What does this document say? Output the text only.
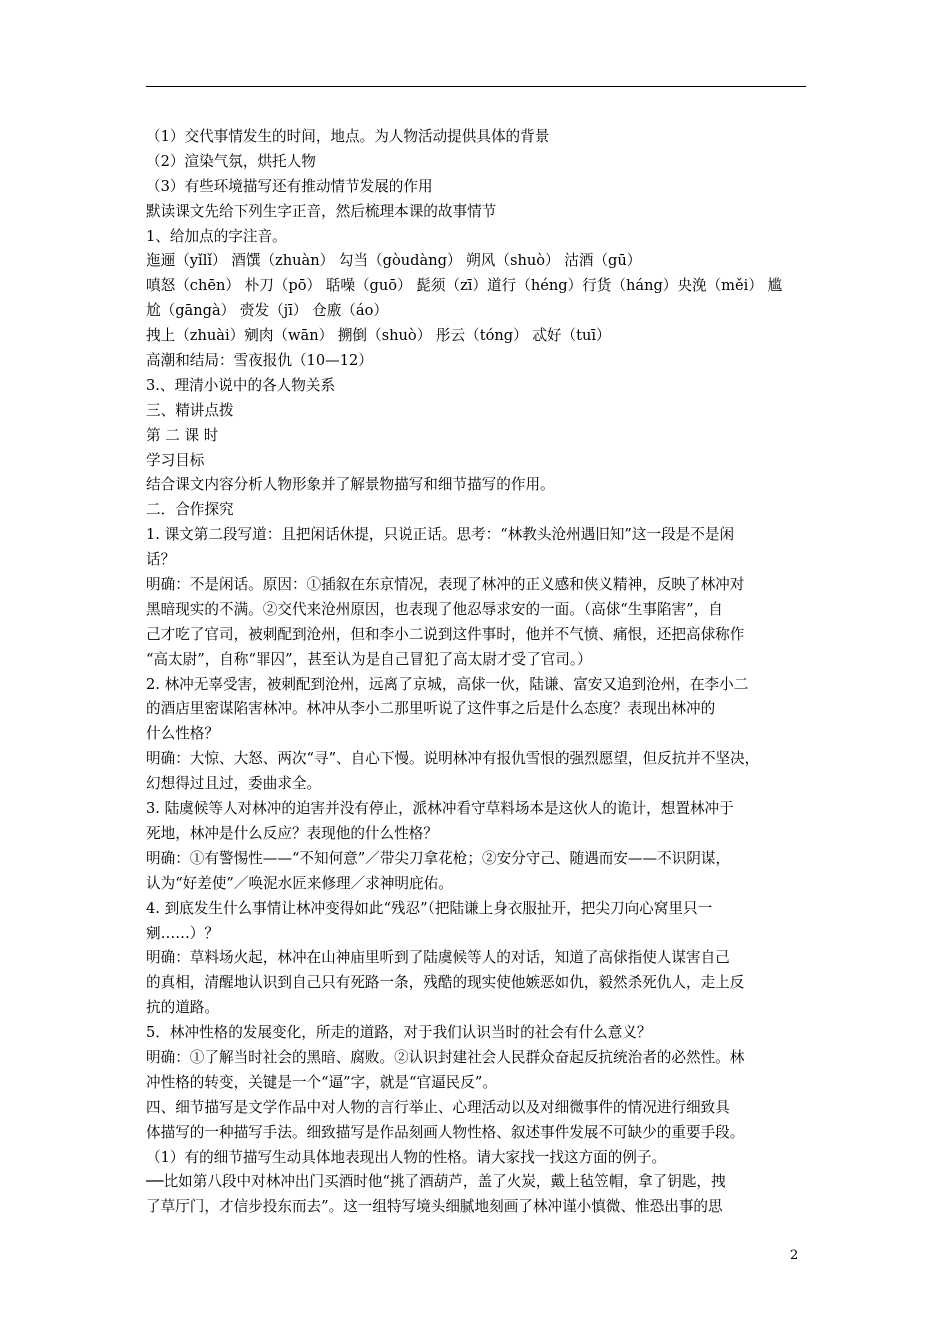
（1）交代事情发生的时间，地点。为人物活动提供具体的背景
（2）渲染气氛，烘托人物
（3）有些环境描写还有推动情节发展的作用
默读课文先给下列生字正音，然后梳理本课的故事情节
1、给加点的字注音。
迤逦（yǐlǐ） 酒馔（zhuàn） 勾当（gòudàng） 朔风（shuò） 沽酒（gū）
嗔怒（chēn） 朴刀（pō） 聒噪（guō） 髭须（zī）道行（héng）行货（háng）央浼（měi） 尴
尬（gāngà） 赍发（jī） 仓廒（áo）
拽上（zhuài）剜肉（wān） 搠倒（shuò） 彤云（tóng） 忒好（tuī）
高潮和结局：雪夜报仇（10—12）
3.、理清小说中的各人物关系
三、精讲点拨
第 二 课 时
学习目标
结合课文内容分析人物形象并了解景物描写和细节描写的作用。
二．合作探究
1. 课文第二段写道：且把闲话休提，只说正话。思考：“林教头沧州遇旧知”这一段是不是闲
话？
明确：不是闲话。原因：①插叙在东京情况，表现了林冲的正义感和侠义精神，反映了林冲对
黑暗现实的不满。②交代来沧州原因，也表现了他忍辱求安的一面。（高俅“生事陷害”，自
己才吃了官司，被刺配到沧州，但和李小二说到这件事时，他并不气愤、痛恨，还把高俅称作
“高太尉”，自称“罪囚”，甚至认为是自己冒犯了高太尉才受了官司。）
2. 林冲无辜受害，被刺配到沧州，远离了京城，高俅一伙，陆谦、富安又追到沧州，在李小二
的酒店里密谋陷害林冲。林冲从李小二那里听说了这件事之后是什么态度？表现出林冲的
什么性格？
明确：大惊、大怒、两次“寻”、自心下慢。说明林冲有报仇雪恨的强烈愿望，但反抗并不坚决，
幻想得过且过，委曲求全。
3. 陆虞候等人对林冲的迫害并没有停止，派林冲看守草料场本是这伙人的诡计，想置林冲于
死地，林冲是什么反应？表现他的什么性格？
明确：①有警惕性——“不知何意”／带尖刀拿花枪；②安分守己、随遇而安——不识阴谋，
认为“好差使”／唤泥水匠来修理／求神明庇佑。
4. 到底发生什么事情让林冲变得如此“残忍”（把陆谦上身衣服扯开，把尖刀向心窝里只一
剜……）？
明确：草料场火起，林冲在山神庙里听到了陆虞候等人的对话，知道了高俅指使人谋害自己
的真相，清醒地认识到自己只有死路一条，残酷的现实使他嫉恶如仇，毅然杀死仇人，走上反
抗的道路。
5．林冲性格的发展变化，所走的道路，对于我们认识当时的社会有什么意义？
明确：①了解当时社会的黑暗、腐败。②认识封建社会人民群众奋起反抗统治者的必然性。林
冲性格的转变，关键是一个“逼”字，就是“官逼民反”。
四、细节描写是文学作品中对人物的言行举止、心理活动以及对细微事件的情况进行细致具
体描写的一种描写手法。细致描写是作品刻画人物性格、叙述事件发展不可缺少的重要手段。
（1）有的细节描写生动具体地表现出人物的性格。请大家找一找这方面的例子。
──比如第八段中对林冲出门买酒时他“挑了酒葫芦，盖了火炭，戴上毡笠帽，拿了钥匙，拽
了草厅门，才信步投东而去”。这一组特写境头细腻地刻画了林冲谨小慎微、惟恐出事的思
2
